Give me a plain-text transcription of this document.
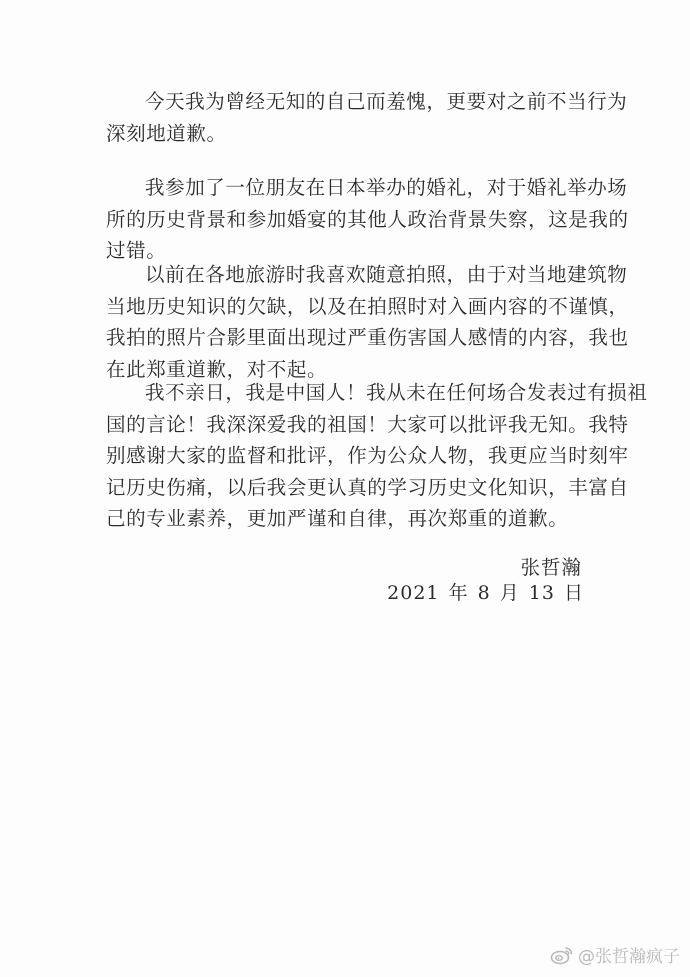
今天我为曾经无知的自己而羞愧，更要对之前不当行为
深刻地道歉。

我参加了一位朋友在日本举办的婚礼，对于婚礼举办场
所的历史背景和参加婚宴的其他人政治背景失察，这是我的
过错。

以前在各地旅游时我喜欢随意拍照，由于对当地建筑物
当地历史知识的欠缺，以及在拍照时对入画内容的不谨慎，
我拍的照片合影里面出现过严重伤害国人感情的内容，我也
在此郑重道歉，对不起。

我不亲日，我是中国人！我从未在任何场合发表过有损祖
国的言论！我深深爱我的祖国！大家可以批评我无知。我特
别感谢大家的监督和批评，作为公众人物，我更应当时刻牢
记历史伤痛，以后我会更认真的学习历史文化知识，丰富自
己的专业素养，更加严谨和自律，再次郑重的道歉。

张哲瀚
2021 年 8 月 13 日
@张哲瀚疯子
